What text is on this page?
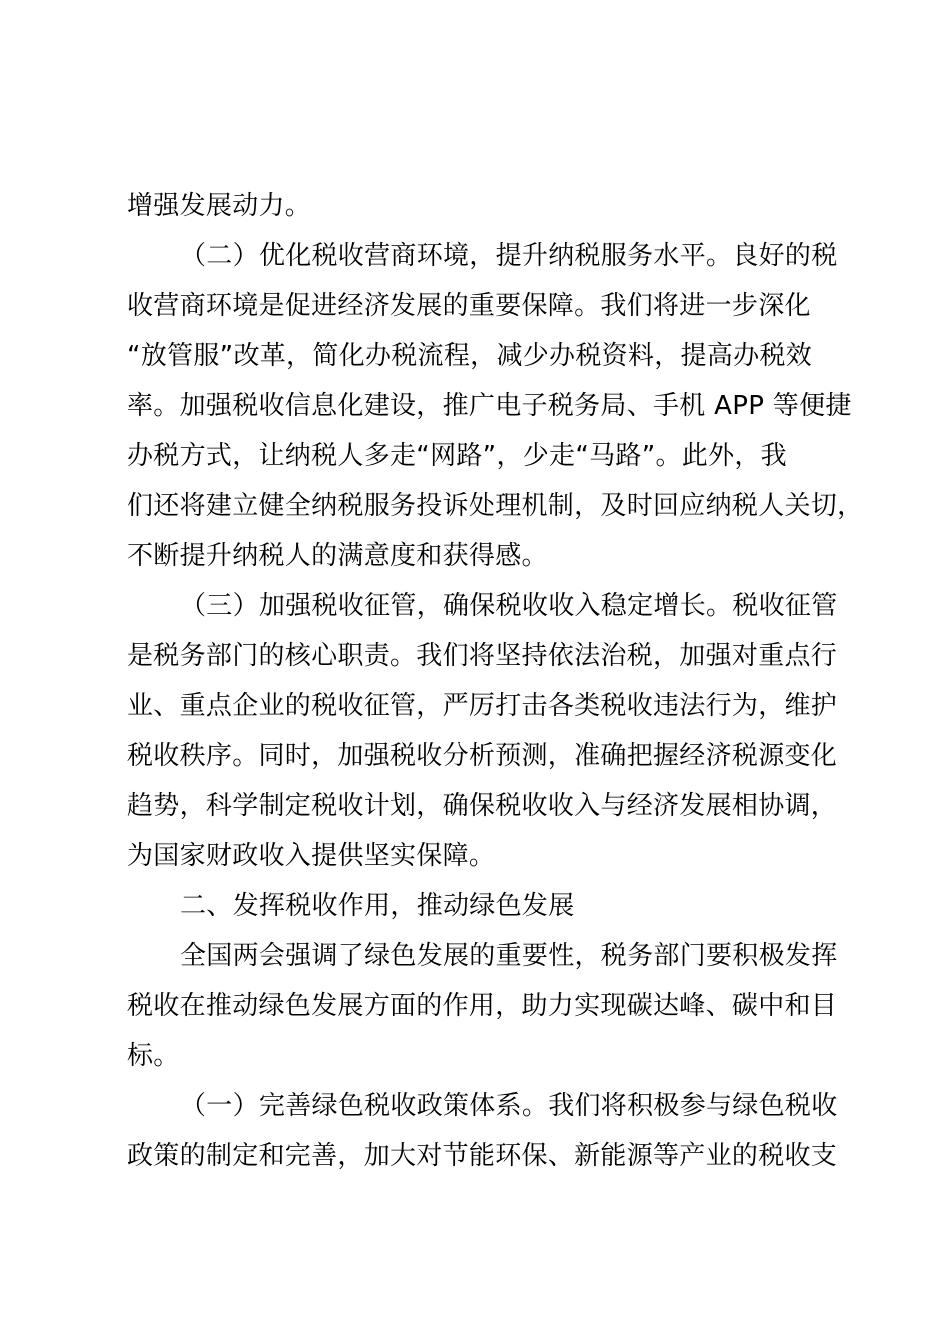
增强发展动力。
（二）优化税收营商环境，提升纳税服务水平。良好的税
收营商环境是促进经济发展的重要保障。我们将进一步深化
“放管服”改革，简化办税流程，减少办税资料，提高办税效
率。加强税收信息化建设，推广电子税务局、手机 APP 等便捷
办税方式，让纳税人多走“网路”，少走“马路”。此外，我
们还将建立健全纳税服务投诉处理机制，及时回应纳税人关切，
不断提升纳税人的满意度和获得感。
（三）加强税收征管，确保税收收入稳定增长。税收征管
是税务部门的核心职责。我们将坚持依法治税，加强对重点行
业、重点企业的税收征管，严厉打击各类税收违法行为，维护
税收秩序。同时，加强税收分析预测，准确把握经济税源变化
趋势，科学制定税收计划，确保税收收入与经济发展相协调，
为国家财政收入提供坚实保障。
二、发挥税收作用，推动绿色发展
全国两会强调了绿色发展的重要性，税务部门要积极发挥
税收在推动绿色发展方面的作用，助力实现碳达峰、碳中和目
标。
（一）完善绿色税收政策体系。我们将积极参与绿色税收
政策的制定和完善，加大对节能环保、新能源等产业的税收支
